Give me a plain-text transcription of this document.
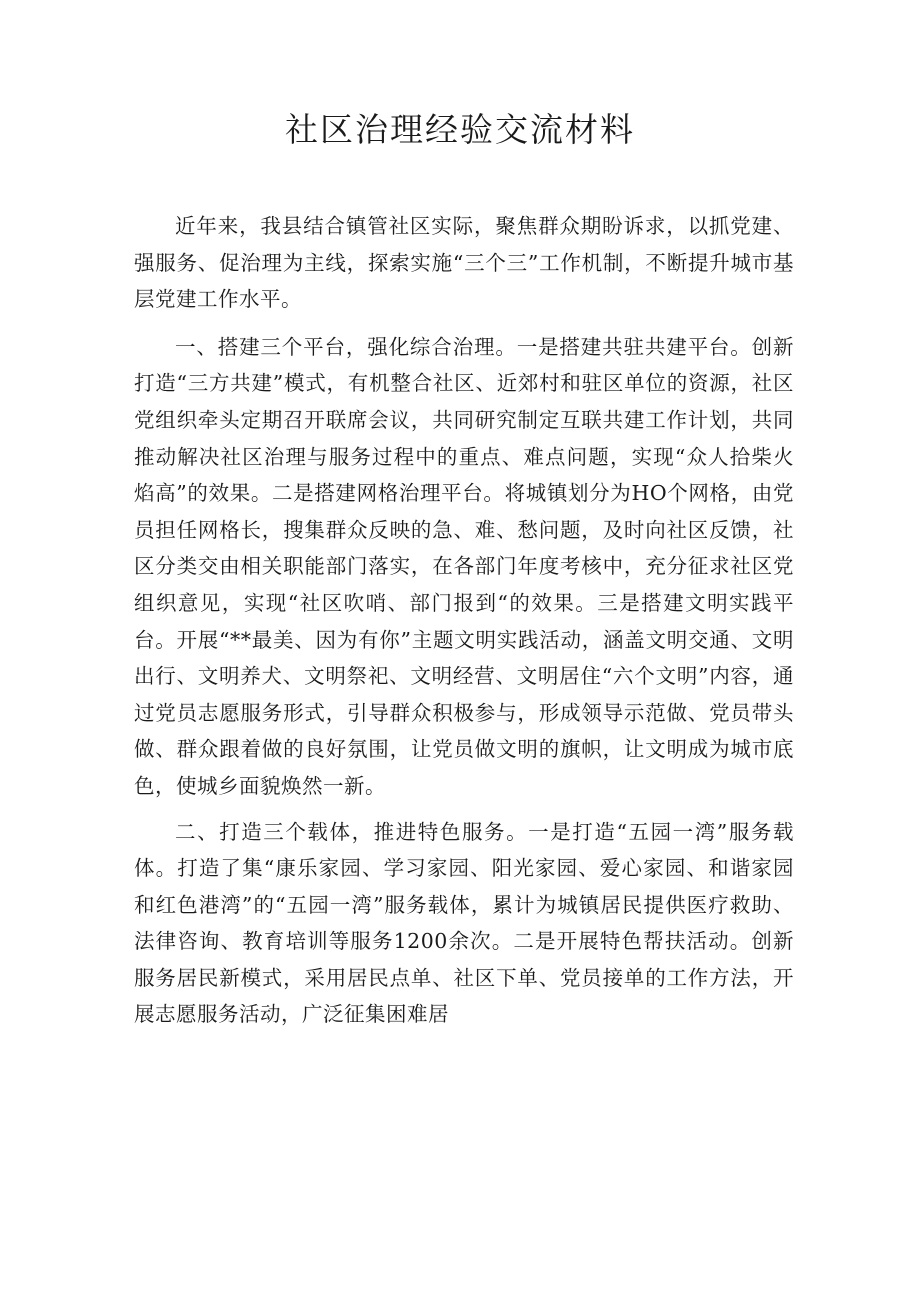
社区治理经验交流材料

近年来，我县结合镇管社区实际，聚焦群众期盼诉求，以抓党建、强服务、促治理为主线，探索实施“三个三”工作机制，不断提升城市基层党建工作水平。

一、搭建三个平台，强化综合治理。一是搭建共驻共建平台。创新打造“三方共建”模式，有机整合社区、近郊村和驻区单位的资源，社区党组织牵头定期召开联席会议，共同研究制定互联共建工作计划，共同推动解决社区治理与服务过程中的重点、难点问题，实现“众人拾柴火焰高”的效果。二是搭建网格治理平台。将城镇划分为HO个网格，由党员担任网格长，搜集群众反映的急、难、愁问题，及时向社区反馈，社区分类交由相关职能部门落实，在各部门年度考核中，充分征求社区党组织意见，实现“社区吹哨、部门报到“的效果。三是搭建文明实践平台。开展“**最美、因为有你”主题文明实践活动，涵盖文明交通、文明出行、文明养犬、文明祭祀、文明经营、文明居住“六个文明”内容，通过党员志愿服务形式，引导群众积极参与，形成领导示范做、党员带头做、群众跟着做的良好氛围，让党员做文明的旗帜，让文明成为城市底色，使城乡面貌焕然一新。

二、打造三个载体，推进特色服务。一是打造“五园一湾”服务载体。打造了集“康乐家园、学习家园、阳光家园、爱心家园、和谐家园和红色港湾”的“五园一湾”服务载体，累计为城镇居民提供医疗救助、法律咨询、教育培训等服务1200余次。二是开展特色帮扶活动。创新服务居民新模式，采用居民点单、社区下单、党员接单的工作方法，开展志愿服务活动，广泛征集困难居
